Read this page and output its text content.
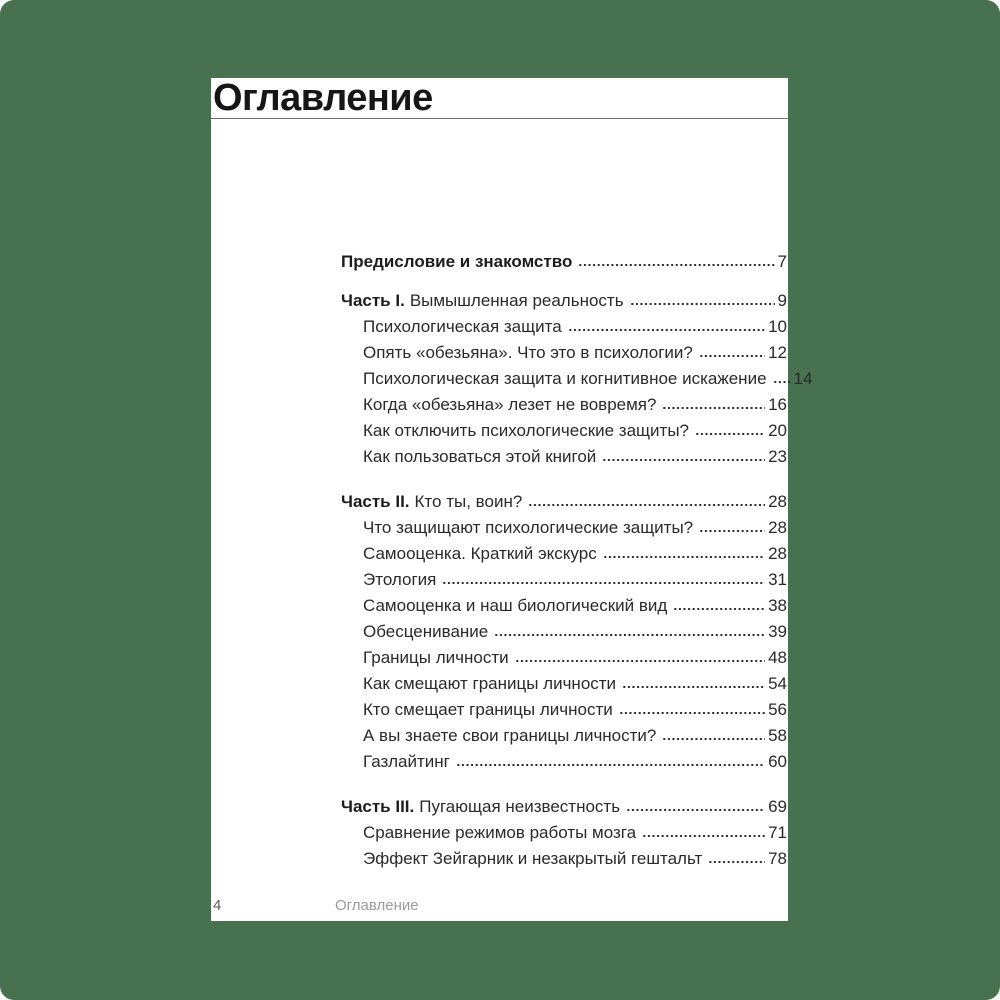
Оглавление
Предисловие и знакомство	7
Часть I. Вымышленная реальность	9
Психологическая защита	10
Опять «обезьяна». Что это в психологии?	12
Психологическая защита и когнитивное искажение 14
Когда «обезьяна» лезет не вовремя?	16
Как отключить психологические защиты?	20
Как пользоваться этой книгой	23
Часть II. Кто ты, воин?	28
Что защищают психологические защиты?	28
Самооценка. Краткий экскурс	28
Этология	31
Самооценка и наш биологический вид	38
Обесценивание	39
Границы личности	48
Как смещают границы личности	54
Кто смещает границы личности	56
А вы знаете свои границы личности?	58
Газлайтинг	60
Часть III. Пугающая неизвестность	69
Сравнение режимов работы мозга	71
Эффект Зейгарник и незакрытый гештальт	78
4	Оглавление
